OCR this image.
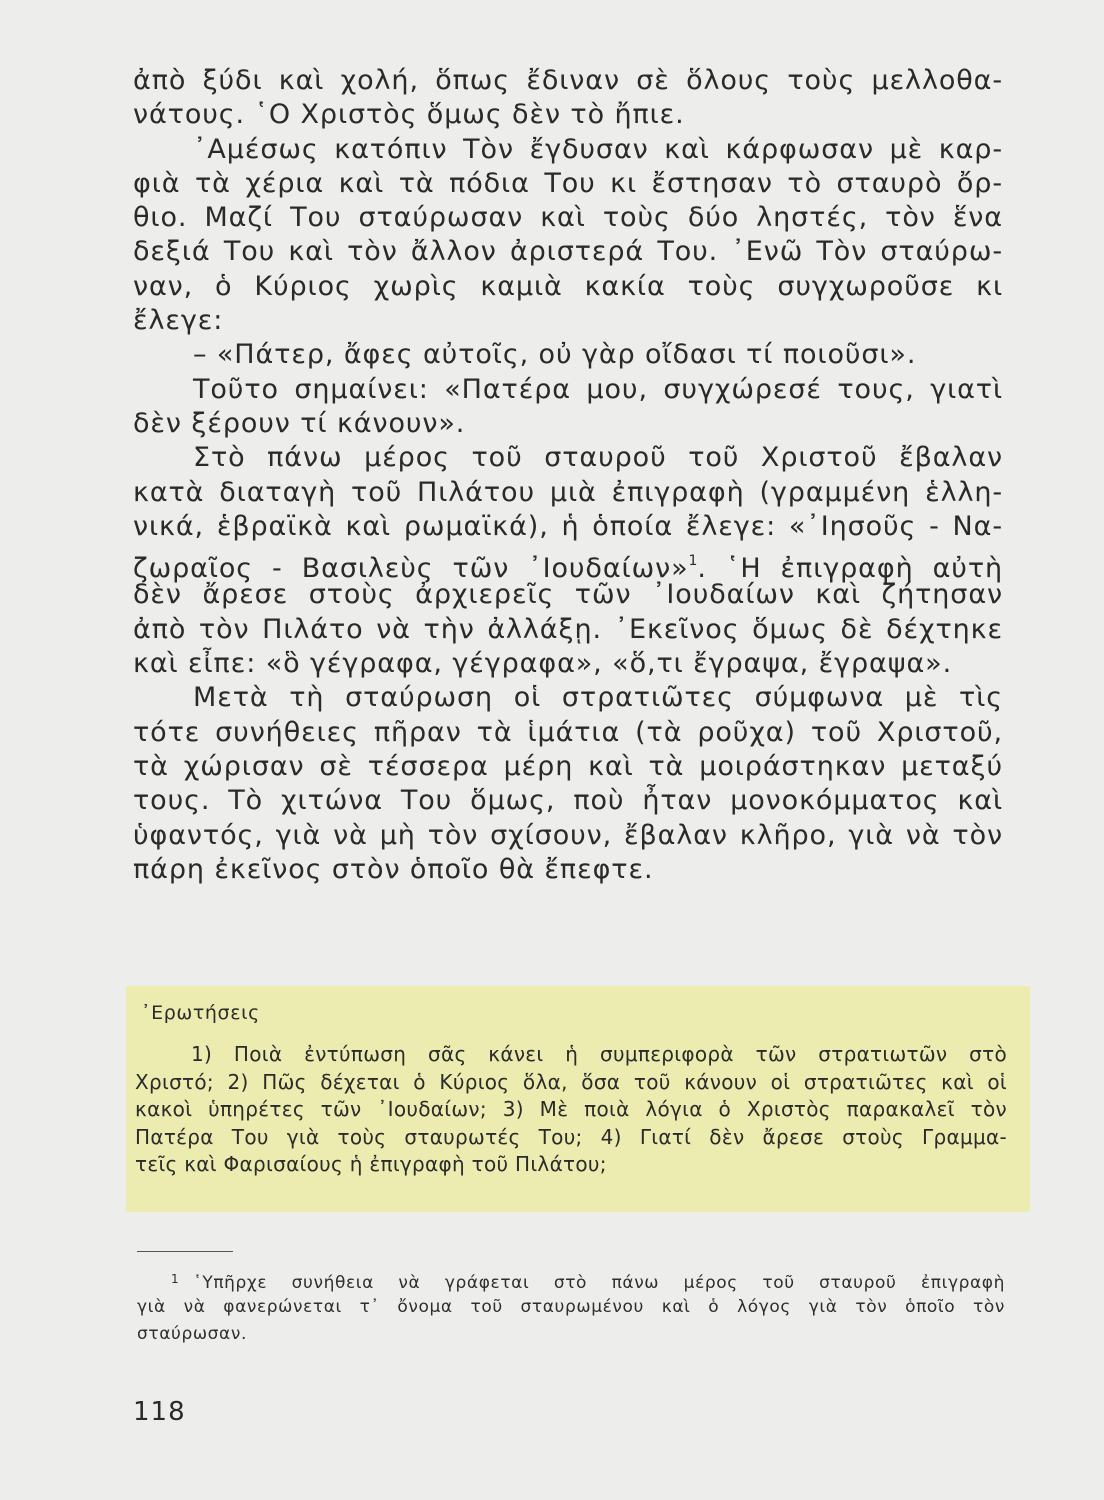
ἀπὸ ξύδι καὶ χολή, ὅπως ἔδιναν σὲ ὅλους τοὺς μελλοθα-
νάτους. ῾Ο Χριστὸς ὅμως δὲν τὸ ἤπιε.
᾿Αμέσως κατόπιν Τὸν ἔγδυσαν καὶ κάρφωσαν μὲ καρ-
φιὰ τὰ χέρια καὶ τὰ πόδια Του κι ἔστησαν τὸ σταυρὸ ὄρ-
θιο. Μαζί Του σταύρωσαν καὶ τοὺς δύο ληστές, τὸν ἕνα
δεξιά Του καὶ τὸν ἄλλον ἀριστερά Του. ᾿Ενῶ Τὸν σταύρω-
ναν, ὁ Κύριος χωρὶς καμιὰ κακία τοὺς συγχωροῦσε κι
ἔλεγε:
– «Πάτερ, ἄφες αὐτοῖς, οὐ γὰρ οἴδασι τί ποιοῦσι».
Τοῦτο σημαίνει: «Πατέρα μου, συγχώρεσέ τους, γιατὶ
δὲν ξέρουν τί κάνουν».
Στὸ πάνω μέρος τοῦ σταυροῦ τοῦ Χριστοῦ ἔβαλαν
κατὰ διαταγὴ τοῦ Πιλάτου μιὰ ἐπιγραφὴ (γραμμένη ἑλλη-
νικά, ἑβραϊκὰ καὶ ρωμαϊκά), ἡ ὁποία ἔλεγε: «᾿Ιησοῦς - Να-
ζωραῖος - Βασιλεὺς τῶν ᾿Ιουδαίων»$^1$. ῾Η ἐπιγραφὴ αὐτὴ
δὲν ἄρεσε στοὺς ἀρχιερεῖς τῶν ᾿Ιουδαίων καὶ ζήτησαν
ἀπὸ τὸν Πιλάτο νὰ τὴν ἀλλάξῃ. ᾿Εκεῖνος ὅμως δὲ δέχτηκε
καὶ εἶπε: «ὃ γέγραφα, γέγραφα», «ὅ,τι ἔγραψα, ἔγραψα».
Μετὰ τὴ σταύρωση οἱ στρατιῶτες σύμφωνα μὲ τὶς
τότε συνήθειες πῆραν τὰ ἱμάτια (τὰ ροῦχα) τοῦ Χριστοῦ,
τὰ χώρισαν σὲ τέσσερα μέρη καὶ τὰ μοιράστηκαν μεταξύ
τους. Τὸ χιτώνα Του ὅμως, ποὺ ἦταν μονοκόμματος καὶ
ὑφαντός, γιὰ νὰ μὴ τὸν σχίσουν, ἔβαλαν κλῆρο, γιὰ νὰ τὸν
πάρη ἐκεῖνος στὸν ὁποῖο θὰ ἔπεφτε.
᾿Ερωτήσεις
1) Ποιὰ ἐντύπωση σᾶς κάνει ἡ συμπεριφορὰ τῶν στρατιωτῶν στὸ
Χριστό; 2) Πῶς δέχεται ὁ Κύριος ὅλα, ὅσα τοῦ κάνουν οἱ στρατιῶτες καὶ οἱ
κακοὶ ὑπηρέτες τῶν ᾿Ιουδαίων; 3) Μὲ ποιὰ λόγια ὁ Χριστὸς παρακαλεῖ τὸν
Πατέρα Του γιὰ τοὺς σταυρωτές Του; 4) Γιατί δὲν ἄρεσε στοὺς Γραμμα-
τεῖς καὶ Φαρισαίους ἡ ἐπιγραφὴ τοῦ Πιλάτου;
$^1$ ῾Υπῆρχε συνήθεια νὰ γράφεται στὸ πάνω μέρος τοῦ σταυροῦ ἐπιγραφὴ
γιὰ νὰ φανερώνεται τ᾿ ὄνομα τοῦ σταυρωμένου καὶ ὁ λόγος γιὰ τὸν ὁποῖο τὸν
σταύρωσαν.
118
